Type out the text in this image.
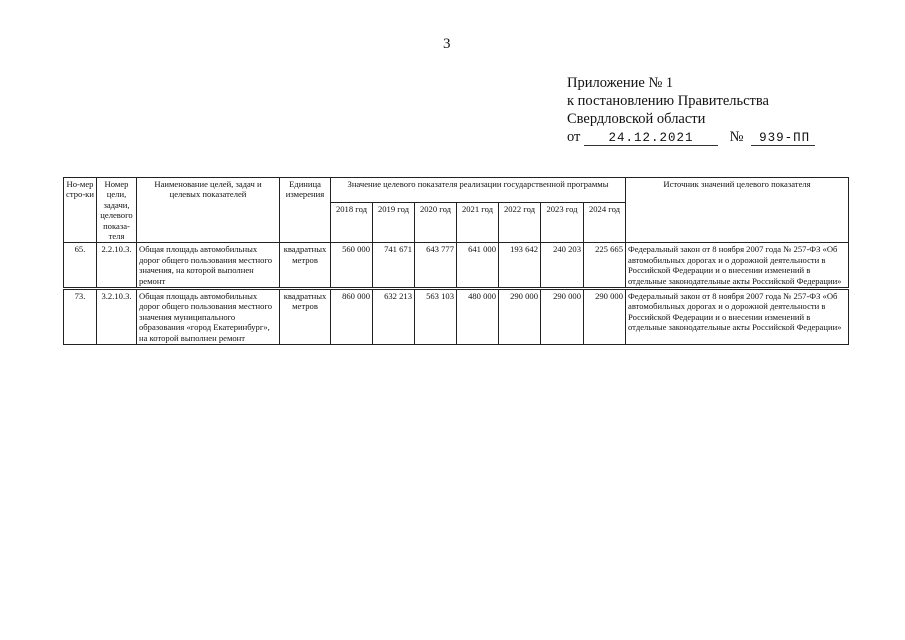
3
Приложение № 1
к постановлению Правительства
Свердловской области
от 24.12.2021 № 939-ПП
Но-мер стро-ки	Номер цели, задачи, целевого показа-теля	Наименование целей, задач и целевых показателей	Единица измерения	Значение целевого показателя реализации государственной программы							Источник значений целевого показателя
				2018 год	2019 год	2020 год	2021 год	2022 год	2023 год	2024 год	
65.	2.2.10.3.	Общая площадь автомобильных дорог общего пользования местного значения, на которой выполнен ремонт	квадратных метров	560 000	741 671	643 777	641 000	193 642	240 203	225 665	Федеральный закон от 8 ноября 2007 года № 257-ФЗ «Об автомобильных дорогах и о дорожной деятельности в Российской Федерации и о внесении изменений в отдельные законодательные акты Российской Федерации»

73.	3.2.10.3.	Общая площадь автомобильных дорог общего пользования местного значения муниципального образования «город Екатеринбург», на которой выполнен ремонт	квадратных метров	860 000	632 213	563 103	480 000	290 000	290 000	290 000	Федеральный закон от 8 ноября 2007 года № 257-ФЗ «Об автомобильных дорогах и о дорожной деятельности в Российской Федерации и о внесении изменений в отдельные законодательные акты Российской Федерации»
